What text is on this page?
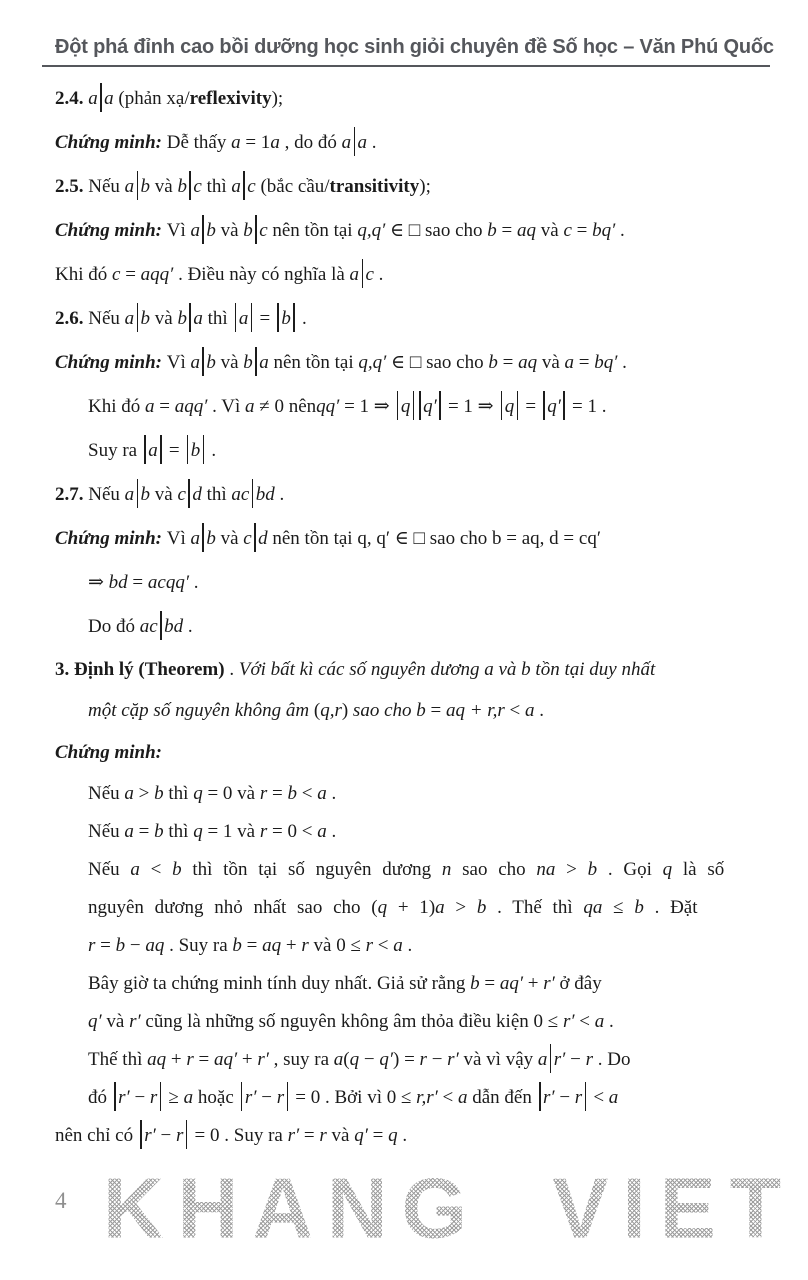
Đột phá đỉnh cao bồi dưỡng học sinh giỏi chuyên đề Số học – Văn Phú Quốc
2.4. a a (phản xạ/reflexivity);
Chứng minh: Dễ thấy a = 1a , do đó a a .
2.5. Nếu a b và b c thì a c (bắc cầu/transitivity);
Chứng minh: Vì a b và b c nên tồn tại q,q′ ∈ □ sao cho b = aq và c = bq′ .
Khi đó c = aqq′ . Điều này có nghĩa là a c .
2.6. Nếu a b và b a thì a = b .
Chứng minh: Vì a b và b a nên tồn tại q,q′ ∈ □ sao cho b = aq và a = bq′ .
Khi đó a = aqq′ . Vì a ≠ 0 nênqq′ = 1 ⇒ q q′ = 1 ⇒ q = q′ = 1 .
Suy ra a = b .
2.7. Nếu a b và c d thì ac bd .
Chứng minh: Vì a b và c d nên tồn tại q, q′ ∈ □ sao cho b = aq, d = cq′
⇒ bd = acqq′ .
Do đó ac bd .
3. Định lý (Theorem) . Với bất kì các số nguyên dương a và b tồn tại duy nhất
một cặp số nguyên không âm (q,r) sao cho b = aq + r,r < a .
Chứng minh:
Nếu a > b thì q = 0 và r = b < a .
Nếu a = b thì q = 1 và r = 0 < a .
Nếu a < b thì tồn tại số nguyên dương n sao cho na > b . Gọi q là số
nguyên dương nhỏ nhất sao cho (q + 1)a > b . Thế thì qa ≤ b . Đặt
r = b − aq . Suy ra b = aq + r và 0 ≤ r < a .
Bây giờ ta chứng minh tính duy nhất. Giả sử rằng b = aq′ + r′ ở đây
q′ và r′ cũng là những số nguyên không âm thỏa điều kiện 0 ≤ r′ < a .
Thế thì aq + r = aq′ + r′ , suy ra a(q − q′) = r − r′ và vì vậy a r′ − r . Do
đó r′ − r ≥ a hoặc r′ − r = 0 . Bởi vì 0 ≤ r,r′ < a dẫn đến r′ − r < a
nên chỉ có r′ − r = 0 . Suy ra r′ = r và q′ = q .
KHANG VIET
4
